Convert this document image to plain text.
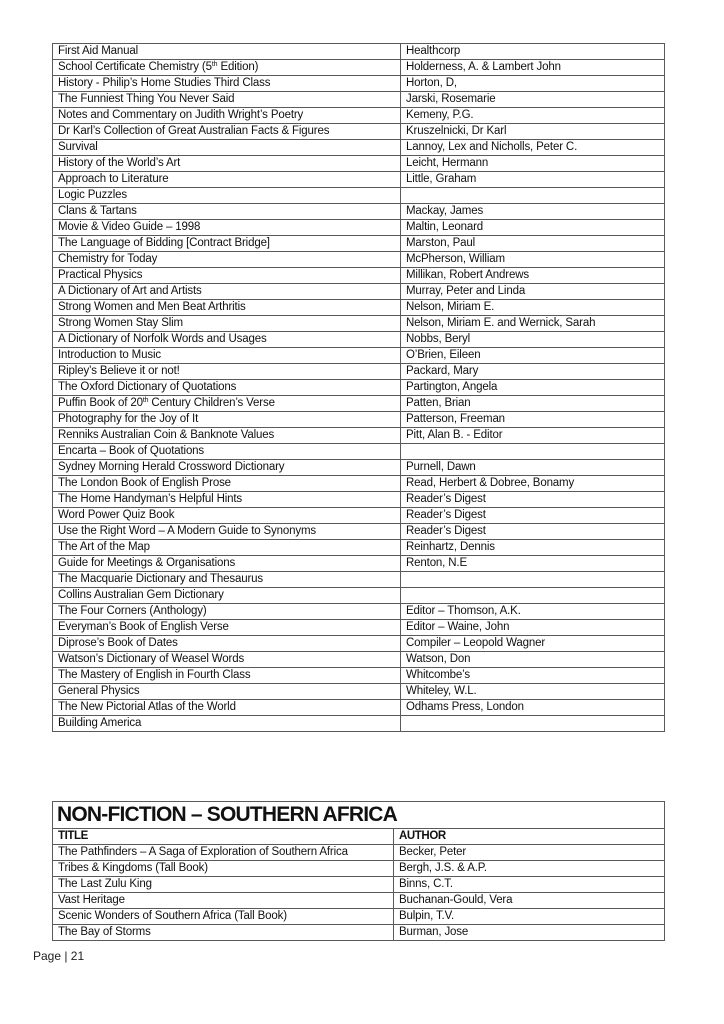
First Aid Manual	Healthcorp
School Certificate Chemistry (5th Edition)	Holderness, A. & Lambert John
History - Philip’s Home Studies Third Class	Horton, D,
The Funniest Thing You Never Said	Jarski, Rosemarie
Notes and Commentary on Judith Wright’s Poetry	Kemeny, P.G.
Dr Karl’s Collection of Great Australian Facts & Figures	Kruszelnicki, Dr Karl
Survival	Lannoy, Lex and Nicholls, Peter C.
History of the World’s Art	Leicht, Hermann
Approach to Literature	Little, Graham
Logic Puzzles	
Clans & Tartans	Mackay, James
Movie & Video Guide – 1998	Maltin, Leonard
The Language of Bidding [Contract Bridge]	Marston, Paul
Chemistry for Today	McPherson, William
Practical Physics	Millikan, Robert Andrews
A Dictionary of Art and Artists	Murray, Peter and Linda
Strong Women and Men Beat Arthritis	Nelson, Miriam E.
Strong Women Stay Slim	Nelson, Miriam E. and Wernick, Sarah
A Dictionary of Norfolk Words and Usages	Nobbs, Beryl
Introduction to Music	O’Brien, Eileen
Ripley’s Believe it or not!	Packard, Mary
The Oxford Dictionary of Quotations	Partington, Angela
Puffin Book of 20th Century Children’s Verse	Patten, Brian
Photography for the Joy of It	Patterson, Freeman
Renniks Australian Coin & Banknote Values	Pitt, Alan B. - Editor
Encarta – Book of Quotations	
Sydney Morning Herald Crossword Dictionary	Purnell, Dawn
The London Book of English Prose	Read, Herbert & Dobree, Bonamy
The Home Handyman’s Helpful Hints	Reader’s Digest
Word Power Quiz Book	Reader’s Digest
Use the Right Word – A Modern Guide to Synonyms	Reader’s Digest
The Art of the Map	Reinhartz, Dennis
Guide for Meetings & Organisations	Renton, N.E
The Macquarie Dictionary and Thesaurus	
Collins Australian Gem Dictionary	
The Four Corners (Anthology)	Editor – Thomson, A.K.
Everyman’s Book of English Verse	Editor – Waine, John
Diprose’s Book of Dates	Compiler – Leopold Wagner
Watson’s Dictionary of Weasel Words	Watson, Don
The Mastery of English in Fourth Class	Whitcombe’s
General Physics	Whiteley, W.L.
The New Pictorial Atlas of the World	Odhams Press, London
Building America	
NON-FICTION – SOUTHERN AFRICA	
TITLE	AUTHOR
The Pathfinders – A Saga of Exploration of Southern Africa	Becker, Peter
Tribes & Kingdoms (Tall Book)	Bergh, J.S. & A.P.
The Last Zulu King	Binns, C.T.
Vast Heritage	Buchanan-Gould, Vera
Scenic Wonders of Southern Africa (Tall Book)	Bulpin, T.V.
The Bay of Storms	Burman, Jose
Page | 21
